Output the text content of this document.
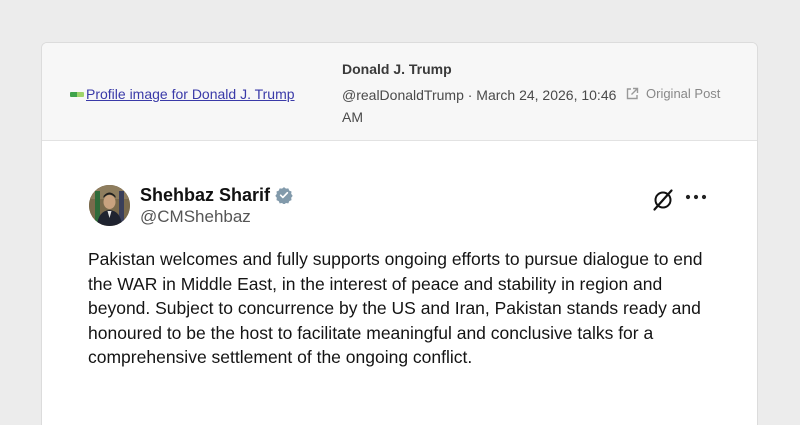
Profile image for Donald J. Trump
Donald J. Trump
@realDonaldTrump · March 24, 2026, 10:46 AM
Original Post
Shehbaz Sharif
@CMShehbaz
Pakistan welcomes and fully supports ongoing efforts to pursue dialogue to end the WAR in Middle East, in the interest of peace and stability in region and beyond. Subject to concurrence by the US and Iran, Pakistan stands ready and honoured to be the host to facilitate meaningful and conclusive talks for a comprehensive settlement of the ongoing conflict.
